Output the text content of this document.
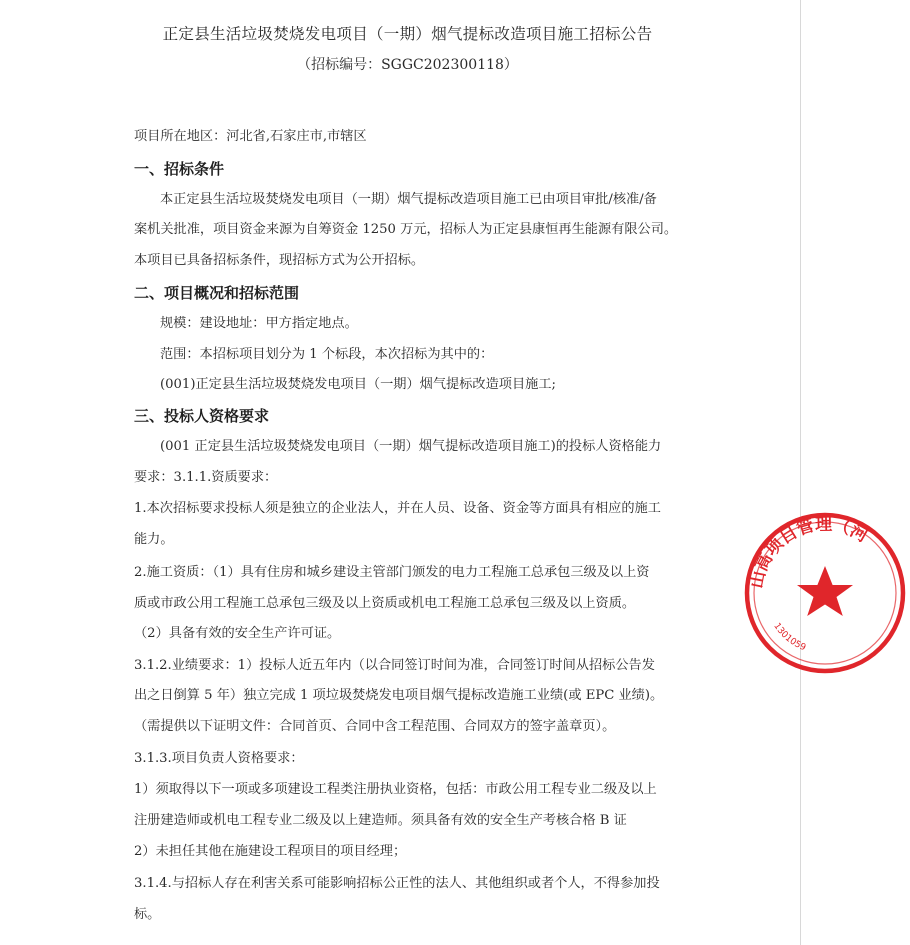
正定县生活垃圾焚烧发电项目（一期）烟气提标改造项目施工招标公告
（招标编号：SGGC202300118）
项目所在地区：河北省,石家庄市,市辖区
一、招标条件
本正定县生活垃圾焚烧发电项目（一期）烟气提标改造项目施工已由项目审批/核准/备
案机关批准，项目资金来源为自筹资金 1250 万元，招标人为正定县康恒再生能源有限公司。
本项目已具备招标条件，现招标方式为公开招标。
二、项目概况和招标范围
规模：建设地址：甲方指定地点。
范围：本招标项目划分为 1 个标段，本次招标为其中的：
(001)正定县生活垃圾焚烧发电项目（一期）烟气提标改造项目施工;
三、投标人资格要求
(001 正定县生活垃圾焚烧发电项目（一期）烟气提标改造项目施工)的投标人资格能力
要求：3.1.1.资质要求：
1.本次招标要求投标人须是独立的企业法人，并在人员、设备、资金等方面具有相应的施工
能力。
2.施工资质：（1）具有住房和城乡建设主管部门颁发的电力工程施工总承包三级及以上资
质或市政公用工程施工总承包三级及以上资质或机电工程施工总承包三级及以上资质。
（2）具备有效的安全生产许可证。
3.1.2.业绩要求：1）投标人近五年内（以合同签订时间为准，合同签订时间从招标公告发
出之日倒算 5 年）独立完成 1 项垃圾焚烧发电项目烟气提标改造施工业绩(或 EPC 业绩)。
（需提供以下证明文件：合同首页、合同中含工程范围、合同双方的签字盖章页）。
3.1.3.项目负责人资格要求：
1）须取得以下一项或多项建设工程类注册执业资格，包括：市政公用工程专业二级及以上
注册建造师或机电工程专业二级及以上建造师。须具备有效的安全生产考核合格 B 证
2）未担任其他在施建设工程项目的项目经理；
3.1.4.与招标人存在利害关系可能影响招标公正性的法人、其他组织或者个人，不得参加投
标。
山高项目管理（河
1301059
